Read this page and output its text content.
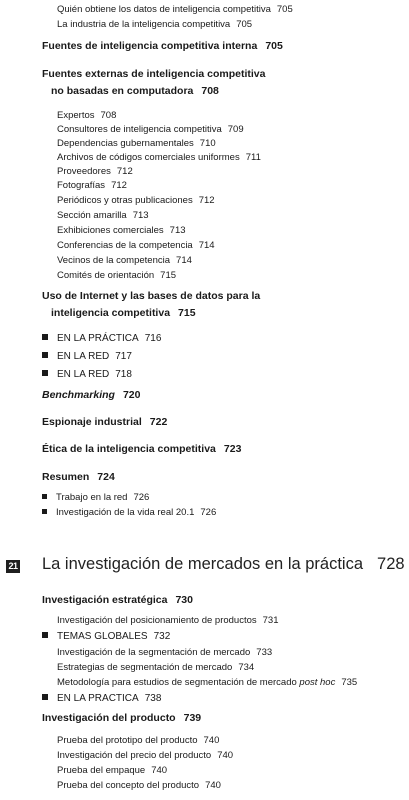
Quién obtiene los datos de inteligencia competitiva 705
La industria de la inteligencia competitiva 705
Fuentes de inteligencia competitiva interna 705
Fuentes externas de inteligencia competitiva
no basadas en computadora 708
Expertos 708
Consultores de inteligencia competitiva 709
Dependencias gubernamentales 710
Archivos de códigos comerciales uniformes 711
Proveedores 712
Fotografías 712
Periódicos y otras publicaciones 712
Sección amarilla 713
Exhibiciones comerciales 713
Conferencias de la competencia 714
Vecinos de la competencia 714
Comités de orientación 715
Uso de Internet y las bases de datos para la
inteligencia competitiva 715
EN LA PRÁCTICA 716
EN LA RED 717
EN LA RED 718
Benchmarking 720
Espionaje industrial 722
Ética de la inteligencia competitiva 723
Resumen 724
Trabajo en la red 726
Investigación de la vida real 20.1 726
21 La investigación de mercados en la práctica 728
Investigación estratégica 730
Investigación del posicionamiento de productos 731
TEMAS GLOBALES 732
Investigación de la segmentación de mercado 733
Estrategias de segmentación de mercado 734
Metodología para estudios de segmentación de mercado post hoc 735
EN LA PRACTICA 738
Investigación del producto 739
Prueba del prototipo del producto 740
Investigación del precio del producto 740
Prueba del empaque 740
Prueba del concepto del producto 740
